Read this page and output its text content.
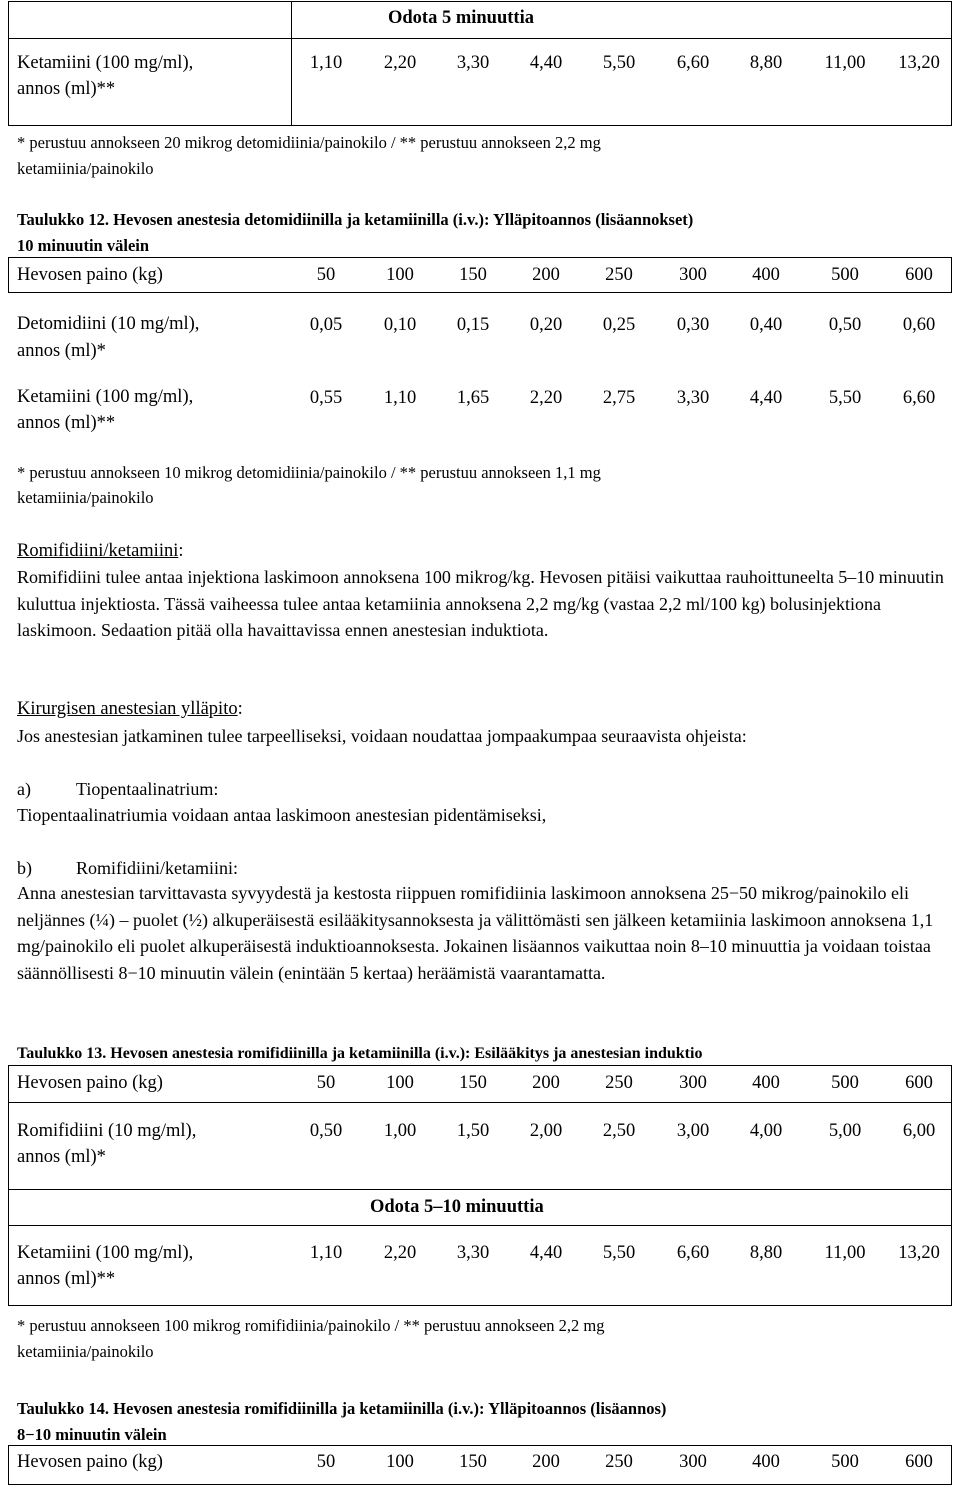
Odota 5 minuuttia
Ketamiini (100 mg/ml),
annos (ml)**
1,10 2,20 3,30 4,40 5,50 6,60 8,80 11,00 13,20
* perustuu annokseen 20 mikrog detomidiinia/painokilo / ** perustuu annokseen 2,2 mg
ketamiinia/painokilo
Taulukko 12. Hevosen anestesia detomidiinilla ja ketamiinilla (i.v.): Ylläpitoannos (lisäannokset)
10 minuutin välein
Hevosen paino (kg)	50	100 150 200 250	300 400	500	600
Detomidiini (10 mg/ml),
annos (ml)*
0,05 0,10 0,15 0,20 0,25 0,30 0,40	0,50 0,60
Ketamiini (100 mg/ml),
annos (ml)**
0,55 1,10 1,65 2,20 2,75 3,30 4,40	5,50 6,60
* perustuu annokseen 10 mikrog detomidiinia/painokilo / ** perustuu annokseen 1,1 mg
ketamiinia/painokilo
Romifidiini/ketamiini:
Romifidiini tulee antaa injektiona laskimoon annoksena 100 mikrog/kg. Hevosen pitäisi vaikuttaa rauhoittuneelta 5–10 minuutin kuluttua injektiosta. Tässä vaiheessa tulee antaa ketamiinia annoksena 2,2 mg/kg (vastaa 2,2 ml/100 kg) bolusinjektiona laskimoon. Sedaation pitää olla havaittavissa ennen anestesian induktiota.
Kirurgisen anestesian ylläpito:
Jos anestesian jatkaminen tulee tarpeelliseksi, voidaan noudattaa jompaakumpaa seuraavista ohjeista:
a)	Tiopentaalinatrium:
Tiopentaalinatriumia voidaan antaa laskimoon anestesian pidentämiseksi,
b) Romifidiini/ketamiini:
Anna anestesian tarvittavasta syvyydestä ja kestosta riippuen romifidiinia laskimoon annoksena 25−50 mikrog/painokilo eli neljännes (¼) – puolet (½) alkuperäisestä esilääkitysannoksesta ja välittömästi sen jälkeen ketamiinia laskimoon annoksena 1,1 mg/painokilo eli puolet alkuperäisestä induktioannoksesta. Jokainen lisäannos vaikuttaa noin 8–10 minuuttia ja voidaan toistaa säännöllisesti 8−10 minuutin välein (enintään 5 kertaa) heräämistä vaarantamatta.
Taulukko 13. Hevosen anestesia romifidiinilla ja ketamiinilla (i.v.): Esilääkitys ja anestesian induktio
Hevosen paino (kg)	50	100 150 200 250	300 400	500	600
Romifidiini (10 mg/ml),
annos (ml)*
0,50 1,00 1,50 2,00 2,50 3,00 4,00	5,00 6,00
Odota 5–10 minuuttia
Ketamiini (100 mg/ml),
annos (ml)**
1,10 2,20 3,30 4,40 5,50 6,60 8,80 11,00 13,20
* perustuu annokseen 100 mikrog romifidiinia/painokilo / ** perustuu annokseen 2,2 mg
ketamiinia/painokilo
Taulukko 14. Hevosen anestesia romifidiinilla ja ketamiinilla (i.v.): Ylläpitoannos (lisäannos)
8−10 minuutin välein
Hevosen paino (kg)	50	100 150 200 250	300 400	500	600
